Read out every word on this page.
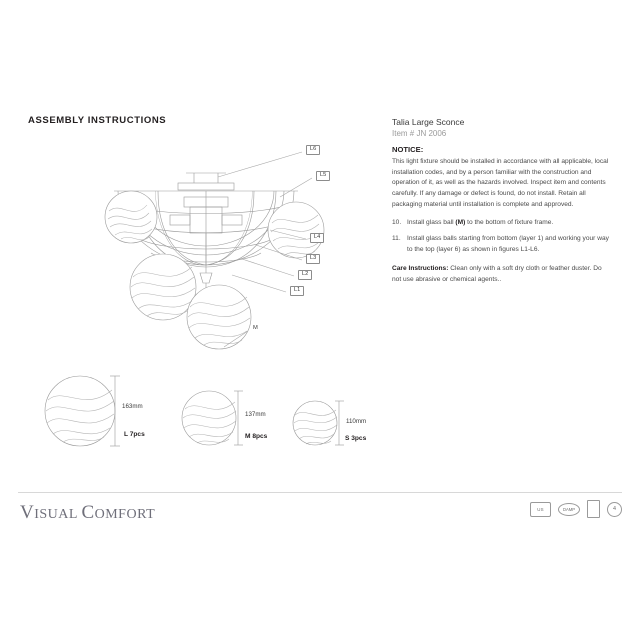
ASSEMBLY INSTRUCTIONS
L6
L5
L4
L3
L2
L1
M
163mm
L 7pcs
137mm
M 8pcs
110mm
S 3pcs
Talia Large Sconce
Item # JN 2006
NOTICE:

This light fixture should be installed in accordance with all applicable, local installation codes, and by a person familiar with the construction and operation of it, as well as the hazards involved. Inspect item and contents carefully. If any damage or defect is found, do not install. Retain all packaging material until installation is complete and approved.

10. Install glass ball (M) to the bottom of fixture frame.
11. Install glass balls starting from bottom (layer 1) and working your way to the top (layer 6) as shown in figures L1-L6.

Care Instructions: Clean only with a soft dry cloth or feather duster. Do not use abrasive or chemical agents..

VISUAL COMFORT	US	DAMP	4
